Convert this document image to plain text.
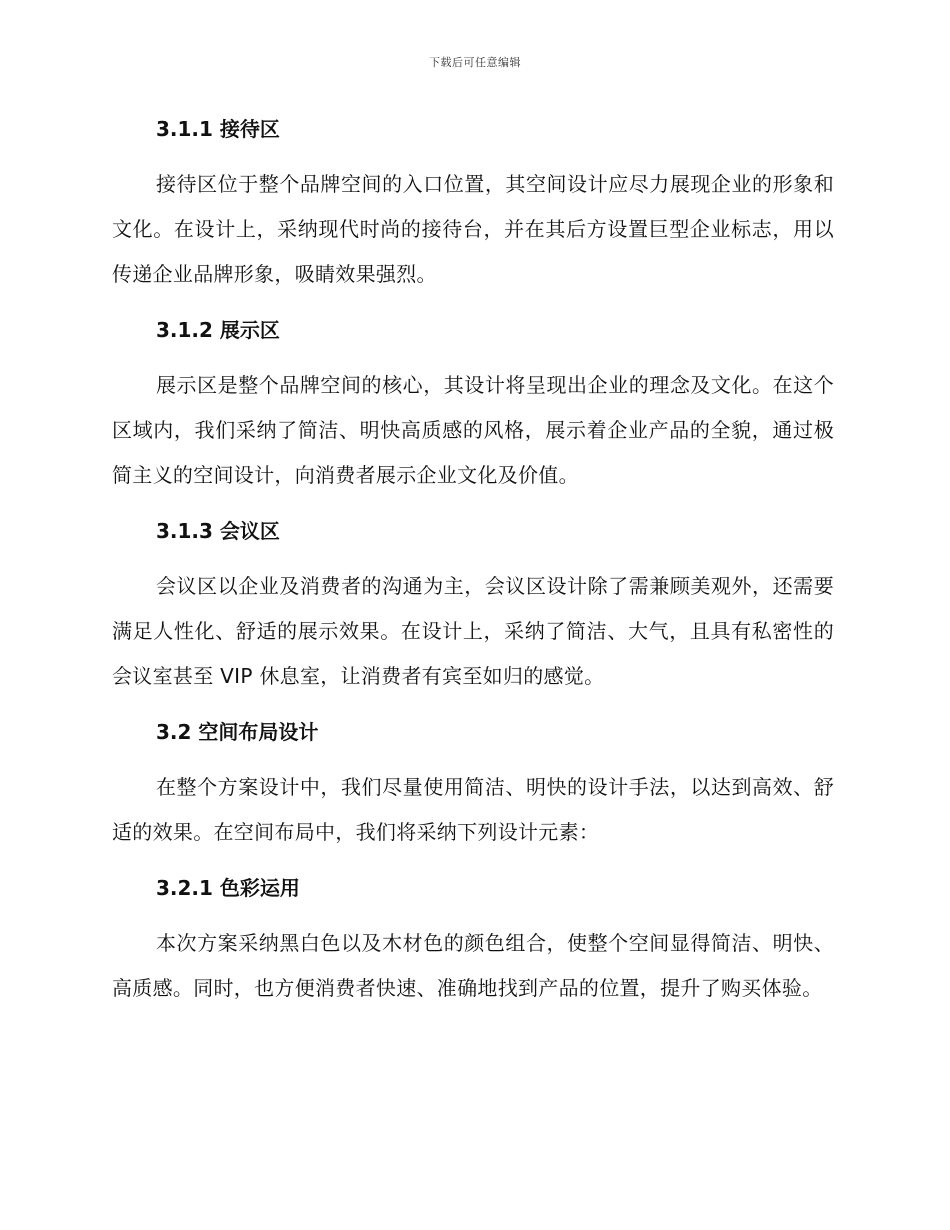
下载后可任意编辑
3.1.1 接待区

接待区位于整个品牌空间的入口位置，其空间设计应尽力展现企业的形象和文化。在设计上，采纳现代时尚的接待台，并在其后方设置巨型企业标志，用以传递企业品牌形象，吸睛效果强烈。

3.1.2 展示区

展示区是整个品牌空间的核心，其设计将呈现出企业的理念及文化。在这个区域内，我们采纳了简洁、明快高质感的风格，展示着企业产品的全貌，通过极简主义的空间设计，向消费者展示企业文化及价值。

3.1.3 会议区

会议区以企业及消费者的沟通为主，会议区设计除了需兼顾美观外，还需要满足人性化、舒适的展示效果。在设计上，采纳了简洁、大气，且具有私密性的会议室甚至 VIP 休息室，让消费者有宾至如归的感觉。

3.2 空间布局设计

在整个方案设计中，我们尽量使用简洁、明快的设计手法，以达到高效、舒适的效果。在空间布局中，我们将采纳下列设计元素：

3.2.1 色彩运用

本次方案采纳黑白色以及木材色的颜色组合，使整个空间显得简洁、明快、高质感。同时，也方便消费者快速、准确地找到产品的位置，提升了购买体验。
